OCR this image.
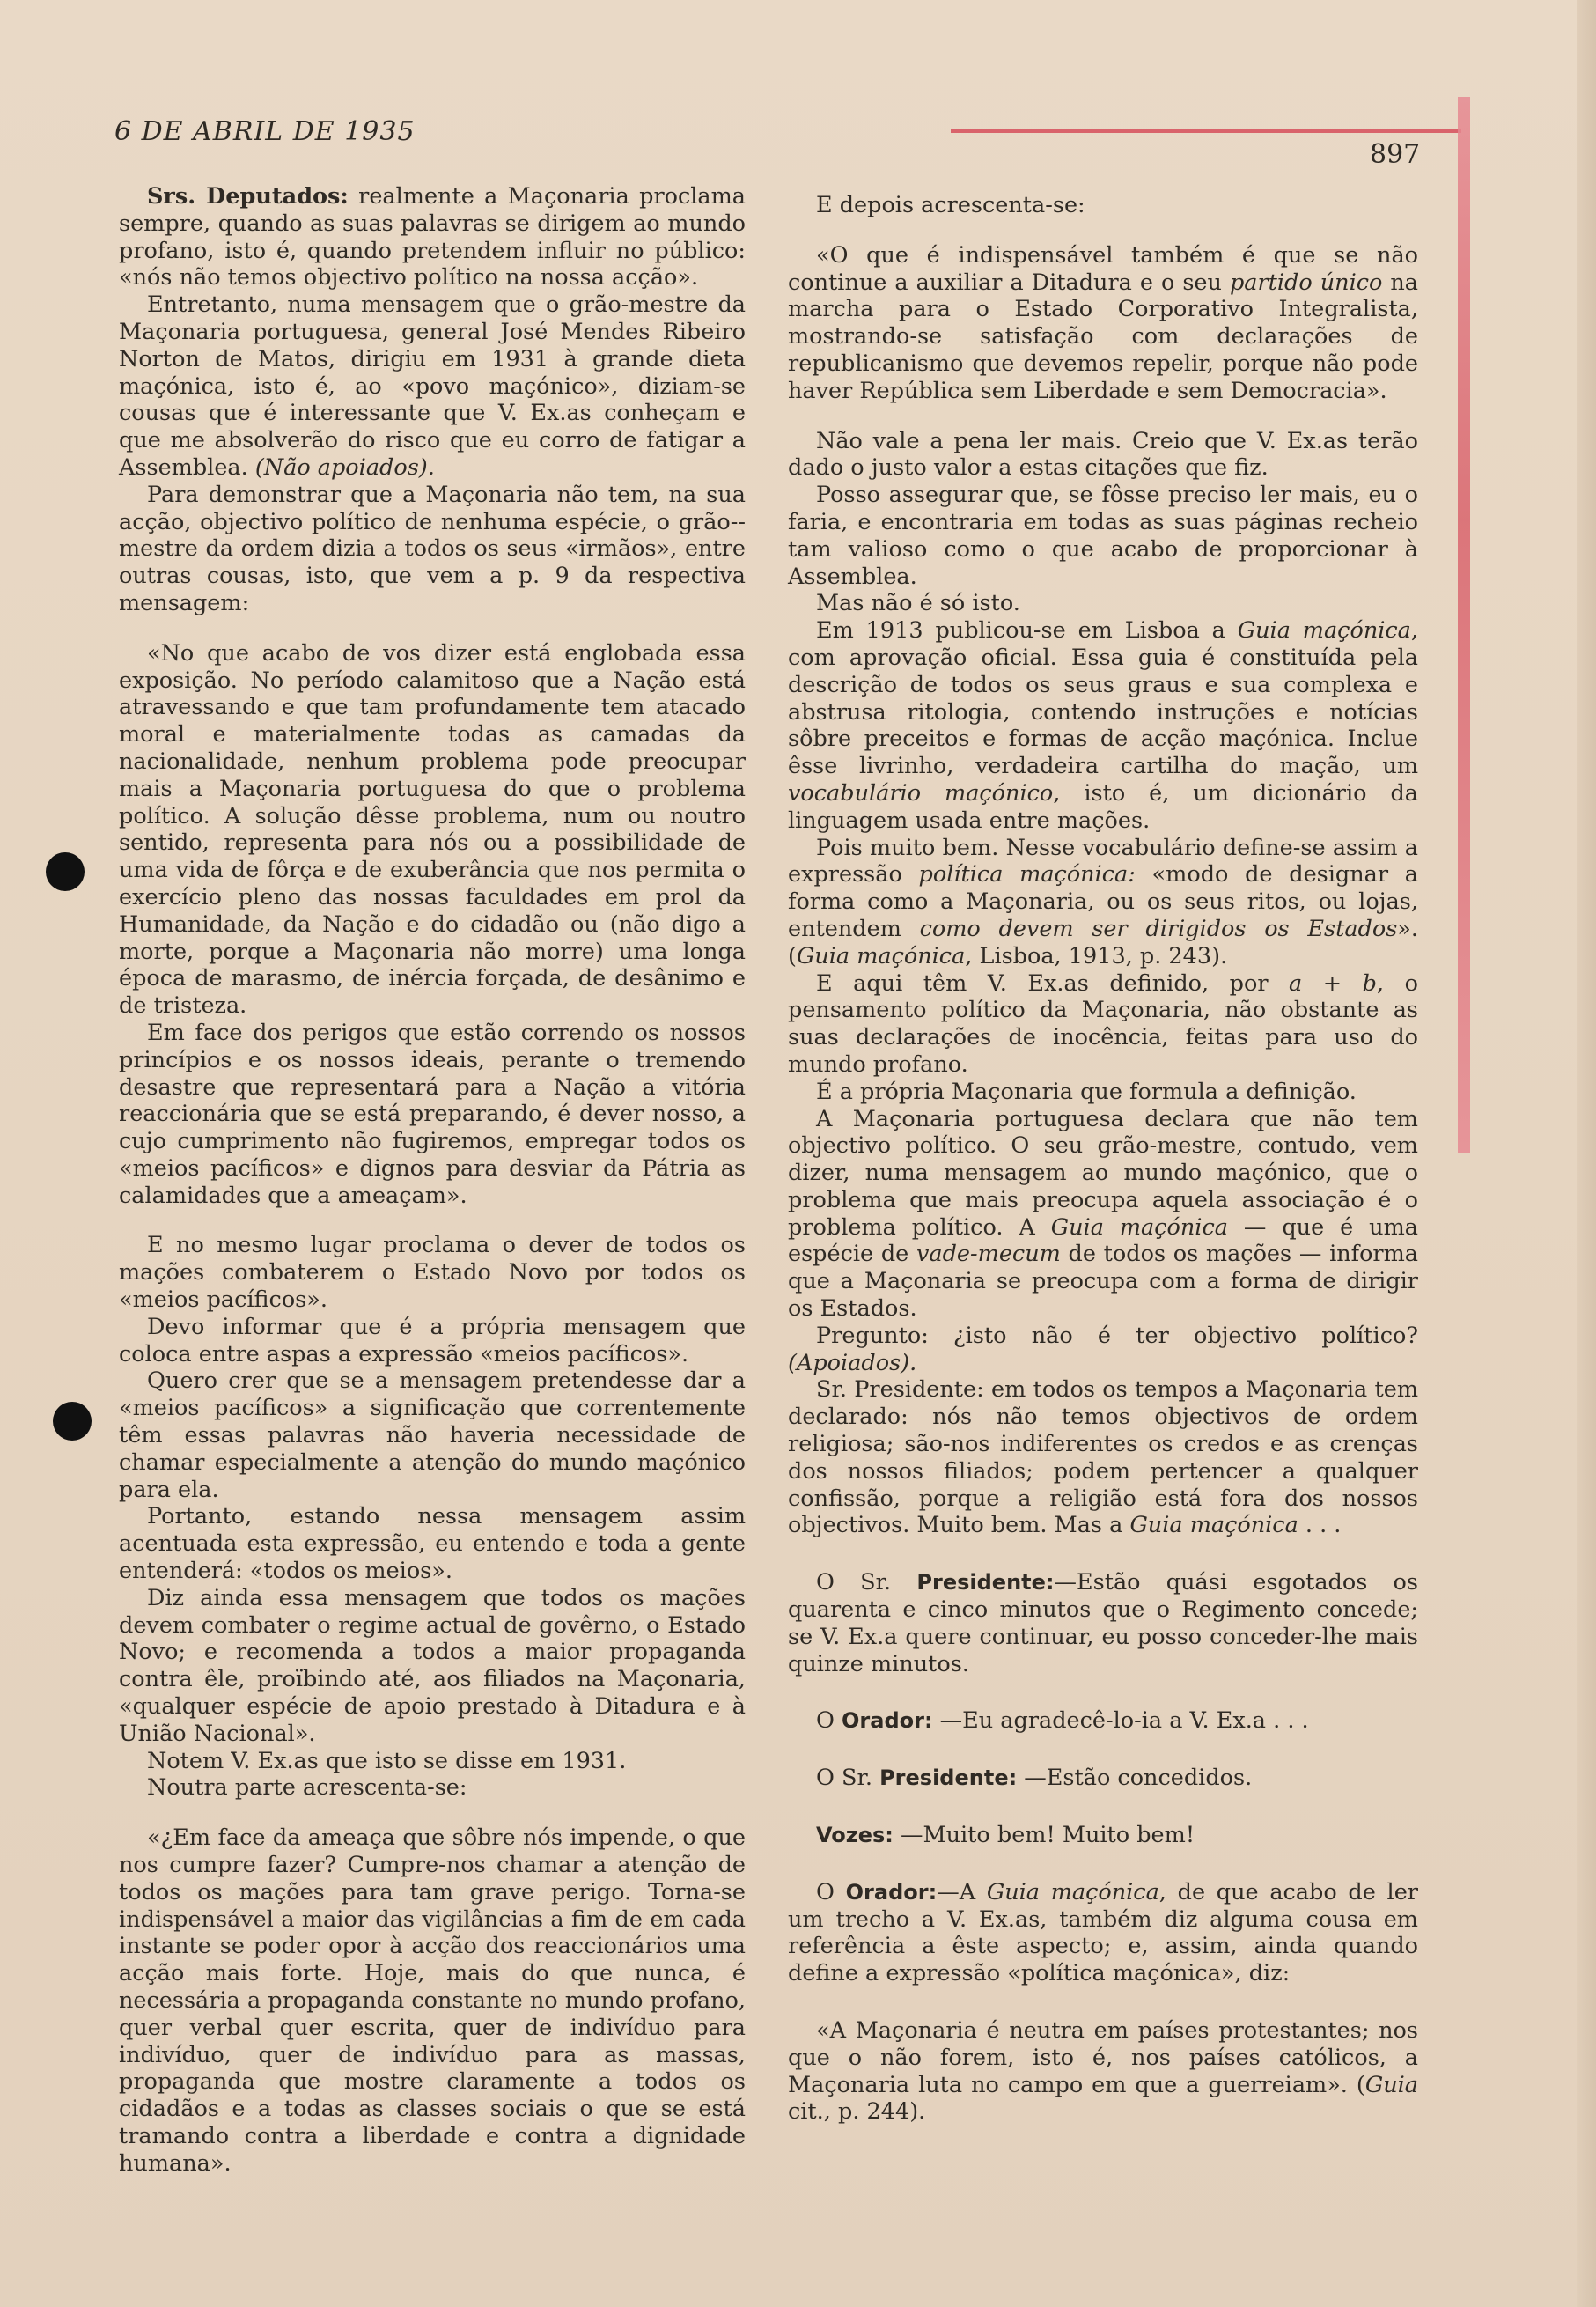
6 DE ABRIL DE 1935
897

Srs. Deputados: realmente a Maçonaria proclama sempre, quando as suas palavras se dirigem ao mundo profano, isto é, quando pretendem influir no público: «nós não temos objectivo político na nossa acção».

Entretanto, numa mensagem que o grão-mestre da Maçonaria portuguesa, general José Mendes Ribeiro Norton de Matos, dirigiu em 1931 à grande dieta maçónica, isto é, ao «povo maçónico», diziam-se cousas que é interessante que V. Ex.as conheçam e que me absolverão do risco que eu corro de fatigar a Assemblea. (Não apoiados).

Para demonstrar que a Maçonaria não tem, na sua acção, objectivo político de nenhuma espécie, o grão--mestre da ordem dizia a todos os seus «irmãos», entre outras cousas, isto, que vem a p. 9 da respectiva mensagem:

«No que acabo de vos dizer está englobada essa exposição. No período calamitoso que a Nação está atravessando e que tam profundamente tem atacado moral e materialmente todas as camadas da nacionalidade, nenhum problema pode preocupar mais a Maçonaria portuguesa do que o problema político. A solução dêsse problema, num ou noutro sentido, representa para nós ou a possibilidade de uma vida de fôrça e de exuberância que nos permita o exercício pleno das nossas faculdades em prol da Humanidade, da Nação e do cidadão ou (não digo a morte, porque a Maçonaria não morre) uma longa época de marasmo, de inércia forçada, de desânimo e de tristeza.

Em face dos perigos que estão correndo os nossos princípios e os nossos ideais, perante o tremendo desastre que representará para a Nação a vitória reaccionária que se está preparando, é dever nosso, a cujo cumprimento não fugiremos, empregar todos os «meios pacíficos» e dignos para desviar da Pátria as calamidades que a ameaçam».

E no mesmo lugar proclama o dever de todos os mações combaterem o Estado Novo por todos os «meios pacíficos».

Devo informar que é a própria mensagem que coloca entre aspas a expressão «meios pacíficos».

Quero crer que se a mensagem pretendesse dar a «meios pacíficos» a significação que correntemente têm essas palavras não haveria necessidade de chamar especialmente a atenção do mundo maçónico para ela.

Portanto, estando nessa mensagem assim acentuada esta expressão, eu entendo e toda a gente entenderá: «todos os meios».

Diz ainda essa mensagem que todos os mações devem combater o regime actual de govêrno, o Estado Novo; e recomenda a todos a maior propaganda contra êle, proïbindo até, aos filiados na Maçonaria, «qualquer espécie de apoio prestado à Ditadura e à União Nacional».

Notem V. Ex.as que isto se disse em 1931.

Noutra parte acrescenta-se:

«¿Em face da ameaça que sôbre nós impende, o que nos cumpre fazer? Cumpre-nos chamar a atenção de todos os mações para tam grave perigo. Torna-se indispensável a maior das vigilâncias a fim de em cada instante se poder opor à acção dos reaccionários uma acção mais forte. Hoje, mais do que nunca, é necessária a propaganda constante no mundo profano, quer verbal quer escrita, quer de indivíduo para indivíduo, quer de indivíduo para as massas, propaganda que mostre claramente a todos os cidadãos e a todas as classes sociais o que se está tramando contra a liberdade e contra a dignidade humana».

E depois acrescenta-se:

«O que é indispensável também é que se não continue a auxiliar a Ditadura e o seu partido único na marcha para o Estado Corporativo Integralista, mostrando-se satisfação com declarações de republicanismo que devemos repelir, porque não pode haver República sem Liberdade e sem Democracia».

Não vale a pena ler mais. Creio que V. Ex.as terão dado o justo valor a estas citações que fiz.

Posso assegurar que, se fôsse preciso ler mais, eu o faria, e encontraria em todas as suas páginas recheio tam valioso como o que acabo de proporcionar à Assemblea.

Mas não é só isto.

Em 1913 publicou-se em Lisboa a Guia maçónica, com aprovação oficial. Essa guia é constituída pela descrição de todos os seus graus e sua complexa e abstrusa ritologia, contendo instruções e notícias sôbre preceitos e formas de acção maçónica. Inclue êsse livrinho, verdadeira cartilha do mação, um vocabulário maçónico, isto é, um dicionário da linguagem usada entre mações.

Pois muito bem. Nesse vocabulário define-se assim a expressão política maçónica: «modo de designar a forma como a Maçonaria, ou os seus ritos, ou lojas, entendem como devem ser dirigidos os Estados». (Guia maçónica, Lisboa, 1913, p. 243).

E aqui têm V. Ex.as definido, por a + b, o pensamento político da Maçonaria, não obstante as suas declarações de inocência, feitas para uso do mundo profano.

É a própria Maçonaria que formula a definição.

A Maçonaria portuguesa declara que não tem objectivo político. O seu grão-mestre, contudo, vem dizer, numa mensagem ao mundo maçónico, que o problema que mais preocupa aquela associação é o problema político. A Guia maçónica — que é uma espécie de vade-mecum de todos os mações — informa que a Maçonaria se preocupa com a forma de dirigir os Estados.

Pregunto: ¿isto não é ter objectivo político? (Apoiados).

Sr. Presidente: em todos os tempos a Maçonaria tem declarado: nós não temos objectivos de ordem religiosa; são-nos indiferentes os credos e as crenças dos nossos filiados; podem pertencer a qualquer confissão, porque a religião está fora dos nossos objectivos. Muito bem. Mas a Guia maçónica . . .

O Sr. Presidente:—Estão quási esgotados os quarenta e cinco minutos que o Regimento concede; se V. Ex.a quere continuar, eu posso conceder-lhe mais quinze minutos.

O Orador: —Eu agradecê-lo-ia a V. Ex.a . . .

O Sr. Presidente: —Estão concedidos.

Vozes: —Muito bem! Muito bem!

O Orador:—A Guia maçónica, de que acabo de ler um trecho a V. Ex.as, também diz alguma cousa em referência a êste aspecto; e, assim, ainda quando define a expressão «política maçónica», diz:

«A Maçonaria é neutra em países protestantes; nos que o não forem, isto é, nos países católicos, a Maçonaria luta no campo em que a guerreiam». (Guia cit., p. 244).
